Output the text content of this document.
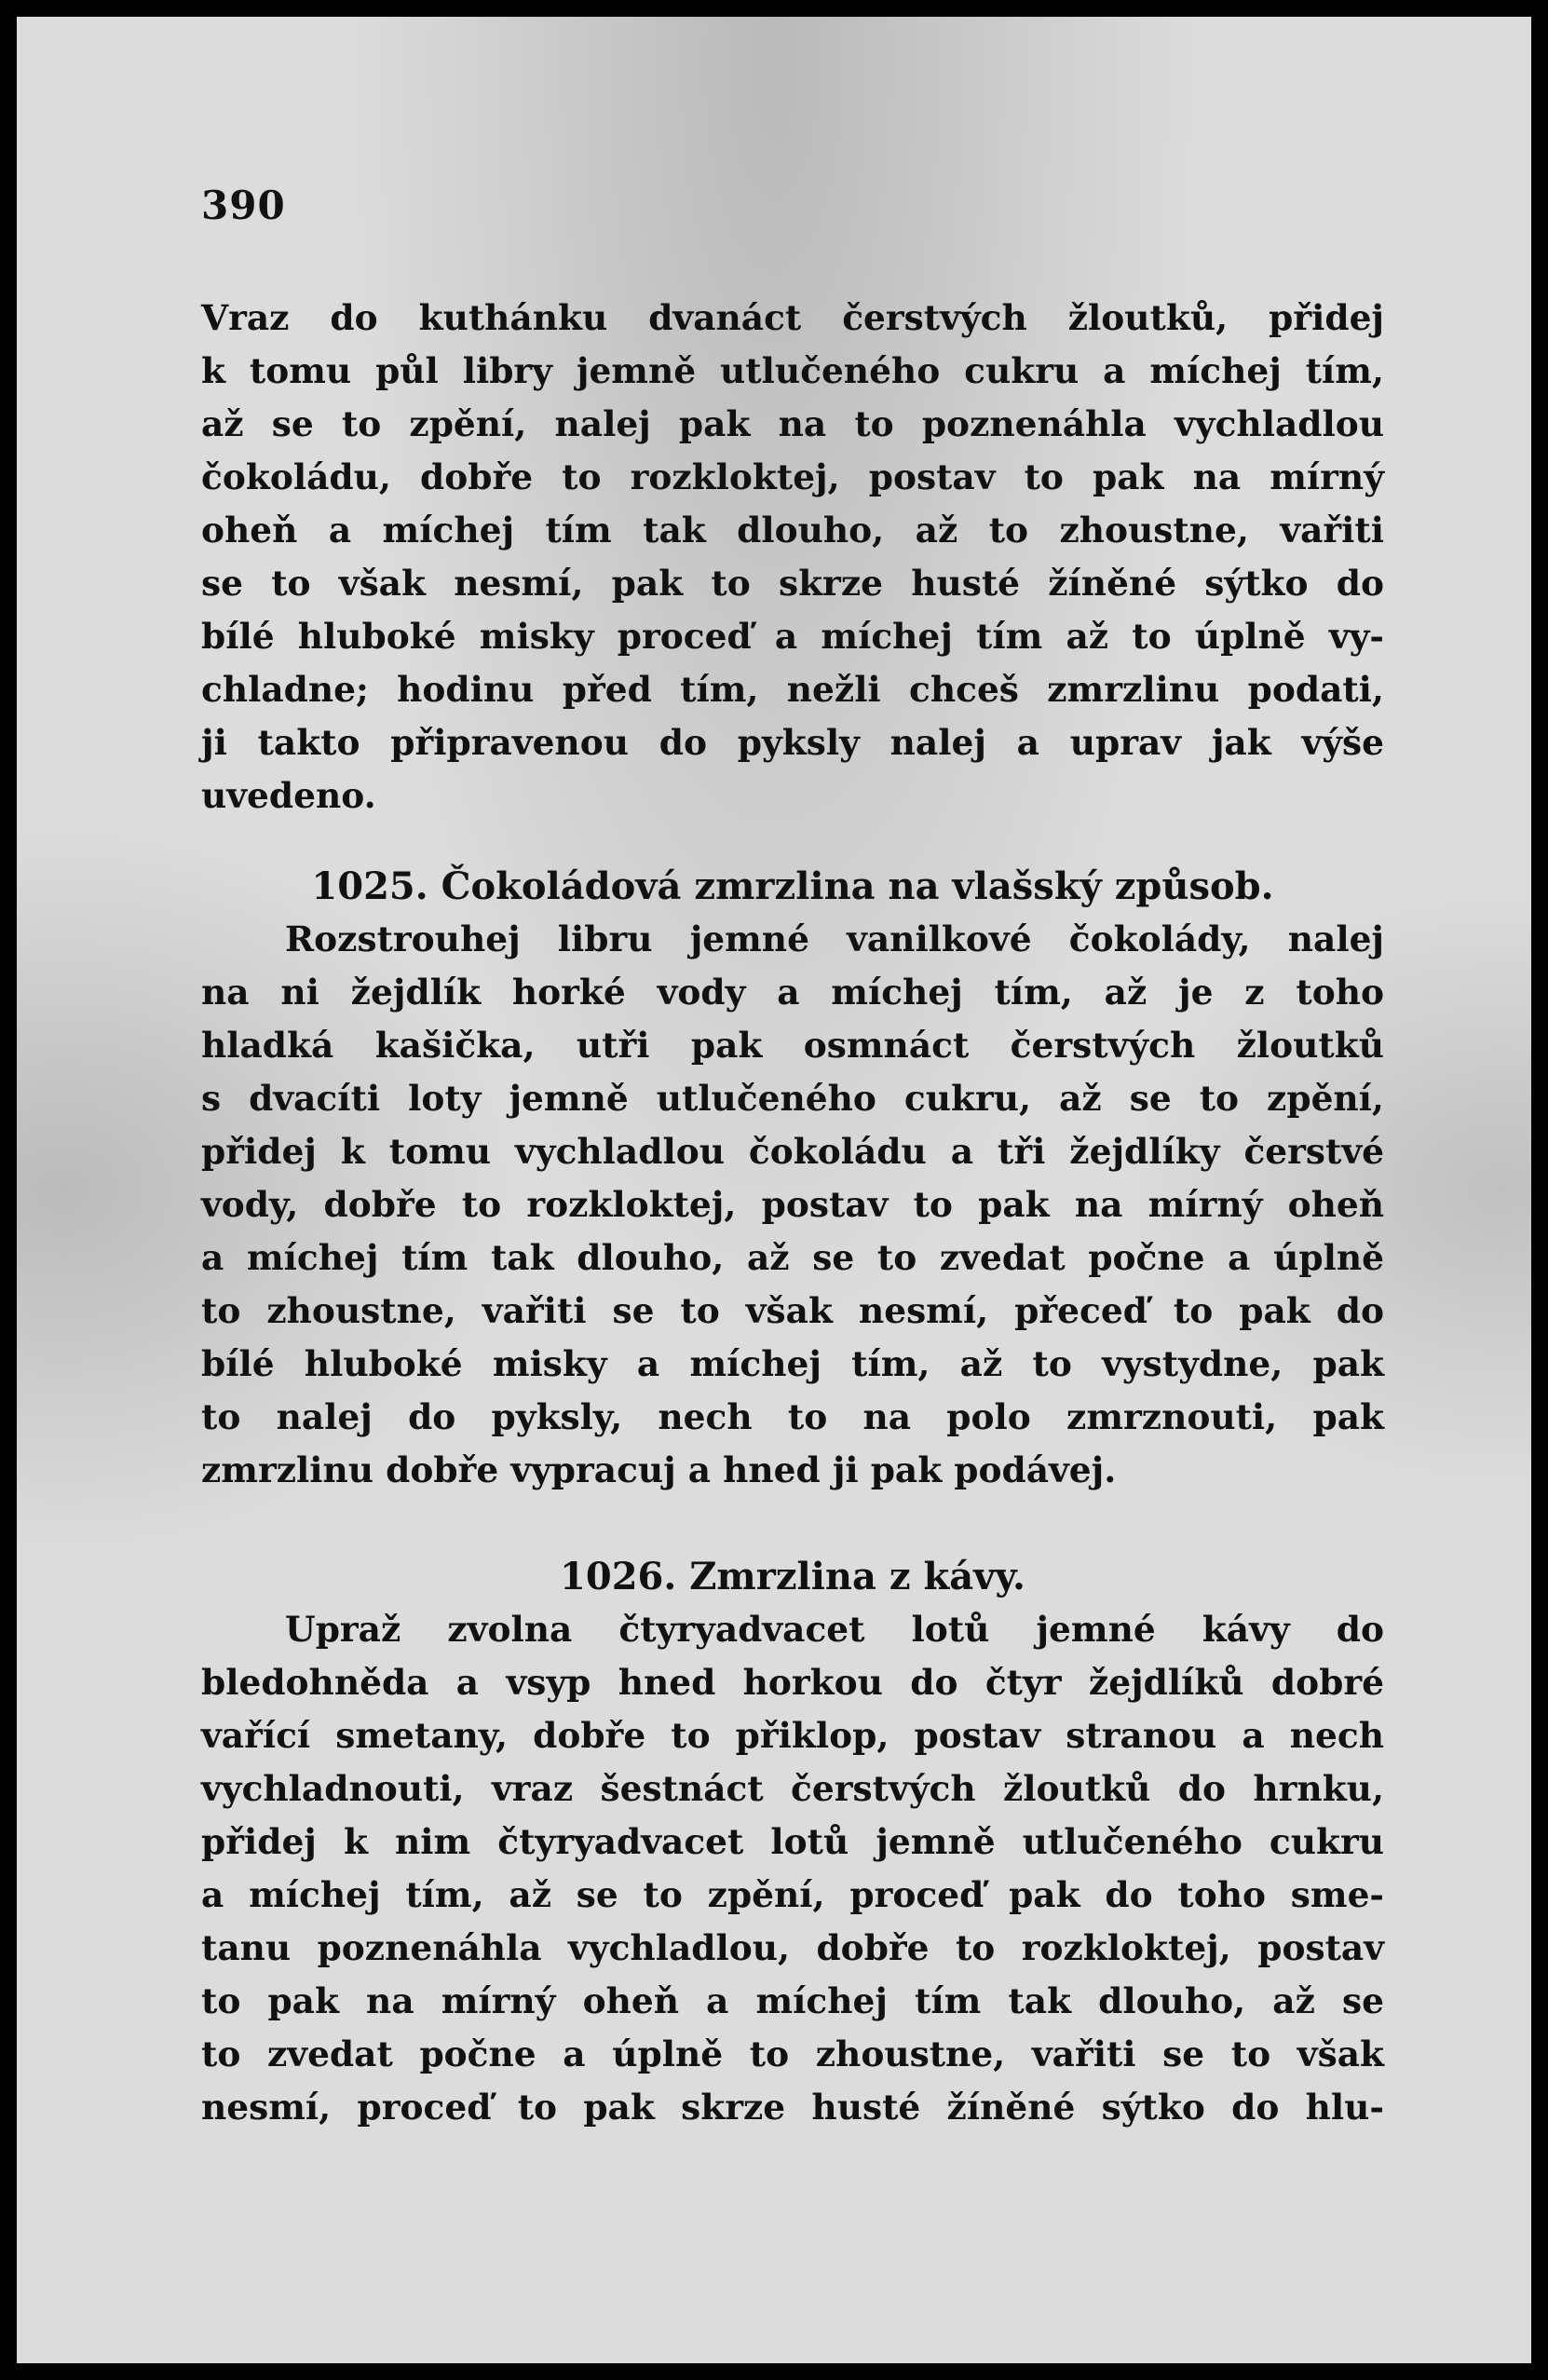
390

Vraz do kuthánku dvanáct čerstvých žloutků, přidej
k tomu půl libry jemně utlučeného cukru a míchej tím,
až se to zpění, nalej pak na to poznenáhla vychladlou
čokoládu, dobře to rozkloktej, postav to pak na mírný
oheň a míchej tím tak dlouho, až to zhoustne, vařiti
se to však nesmí, pak to skrze husté žíněné sýtko do
bílé hluboké misky proceď a míchej tím až to úplně vy-
chladne; hodinu před tím, nežli chceš zmrzlinu podati,
ji takto připravenou do pyksly nalej a uprav jak výše
uvedeno.

1025. Čokoládová zmrzlina na vlašský způsob.

Rozstrouhej libru jemné vanilkové čokolády, nalej
na ni žejdlík horké vody a míchej tím, až je z toho
hladká kašička, utři pak osmnáct čerstvých žloutků
s dvacíti loty jemně utlučeného cukru, až se to zpění,
přidej k tomu vychladlou čokoládu a tři žejdlíky čerstvé
vody, dobře to rozkloktej, postav to pak na mírný oheň
a míchej tím tak dlouho, až se to zvedat počne a úplně
to zhoustne, vařiti se to však nesmí, přeceď to pak do
bílé hluboké misky a míchej tím, až to vystydne, pak
to nalej do pyksly, nech to na polo zmrznouti, pak
zmrzlinu dobře vypracuj a hned ji pak podávej.

1026. Zmrzlina z kávy.

Upraž zvolna čtyryadvacet lotů jemné kávy do
bledohněda a vsyp hned horkou do čtyr žejdlíků dobré
vařící smetany, dobře to přiklop, postav stranou a nech
vychladnouti, vraz šestnáct čerstvých žloutků do hrnku,
přidej k nim čtyryadvacet lotů jemně utlučeného cukru
a míchej tím, až se to zpění, proceď pak do toho sme-
tanu poznenáhla vychladlou, dobře to rozkloktej, postav
to pak na mírný oheň a míchej tím tak dlouho, až se
to zvedat počne a úplně to zhoustne, vařiti se to však
nesmí, proceď to pak skrze husté žíněné sýtko do hlu-
